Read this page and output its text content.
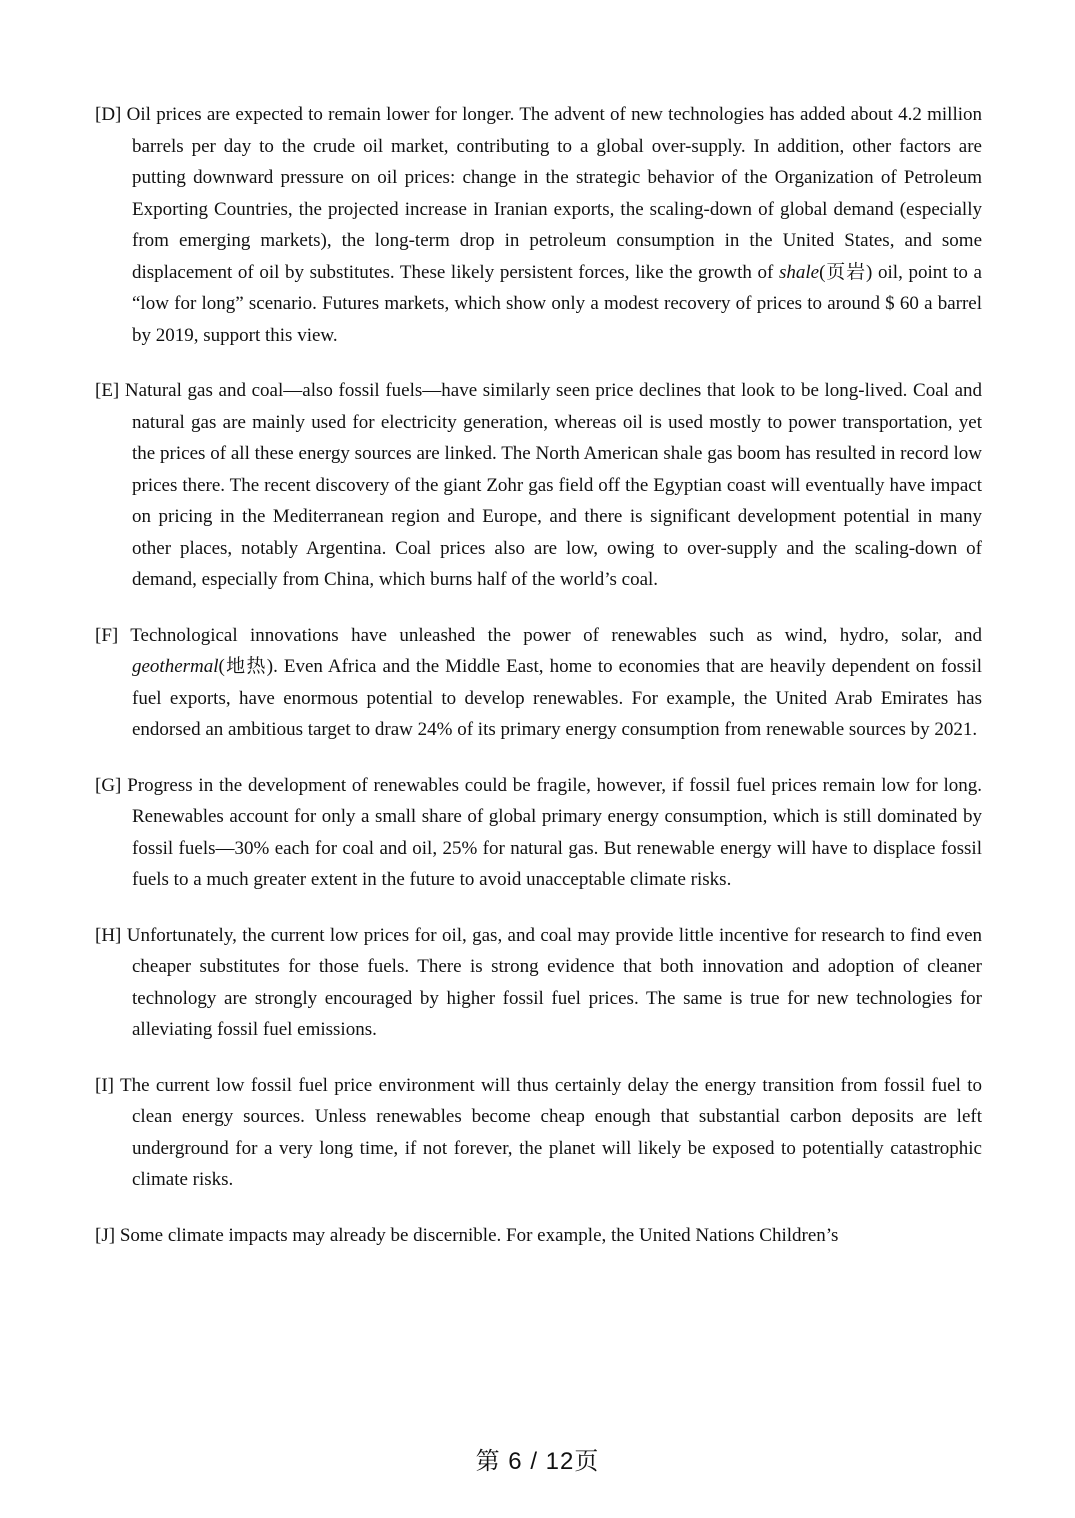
[D] Oil prices are expected to remain lower for longer. The advent of new technologies has added about 4.2 million barrels per day to the crude oil market, contributing to a global over-supply. In addition, other factors are putting downward pressure on oil prices: change in the strategic behavior of the Organization of Petroleum Exporting Countries, the projected increase in Iranian exports, the scaling-down of global demand (especially from emerging markets), the long-term drop in petroleum consumption in the United States, and some displacement of oil by substitutes. These likely persistent forces, like the growth of shale(页岩) oil, point to a “low for long” scenario. Futures markets, which show only a modest recovery of prices to around $ 60 a barrel by 2019, support this view.

[E] Natural gas and coal—also fossil fuels—have similarly seen price declines that look to be long-lived. Coal and natural gas are mainly used for electricity generation, whereas oil is used mostly to power transportation, yet the prices of all these energy sources are linked. The North American shale gas boom has resulted in record low prices there. The recent discovery of the giant Zohr gas field off the Egyptian coast will eventually have impact on pricing in the Mediterranean region and Europe, and there is significant development potential in many other places, notably Argentina. Coal prices also are low, owing to over-supply and the scaling-down of demand, especially from China, which burns half of the world’s coal.

[F] Technological innovations have unleashed the power of renewables such as wind, hydro, solar, and geothermal(地热). Even Africa and the Middle East, home to economies that are heavily dependent on fossil fuel exports, have enormous potential to develop renewables. For example, the United Arab Emirates has endorsed an ambitious target to draw 24% of its primary energy consumption from renewable sources by 2021.

[G] Progress in the development of renewables could be fragile, however, if fossil fuel prices remain low for long. Renewables account for only a small share of global primary energy consumption, which is still dominated by fossil fuels—30% each for coal and oil, 25% for natural gas. But renewable energy will have to displace fossil fuels to a much greater extent in the future to avoid unacceptable climate risks.

[H] Unfortunately, the current low prices for oil, gas, and coal may provide little incentive for research to find even cheaper substitutes for those fuels. There is strong evidence that both innovation and adoption of cleaner technology are strongly encouraged by higher fossil fuel prices. The same is true for new technologies for alleviating fossil fuel emissions.

[I] The current low fossil fuel price environment will thus certainly delay the energy transition from fossil fuel to clean energy sources. Unless renewables become cheap enough that substantial carbon deposits are left underground for a very long time, if not forever, the planet will likely be exposed to potentially catastrophic climate risks.

[J] Some climate impacts may already be discernible. For example, the United Nations Children’s

第 6 / 12页
